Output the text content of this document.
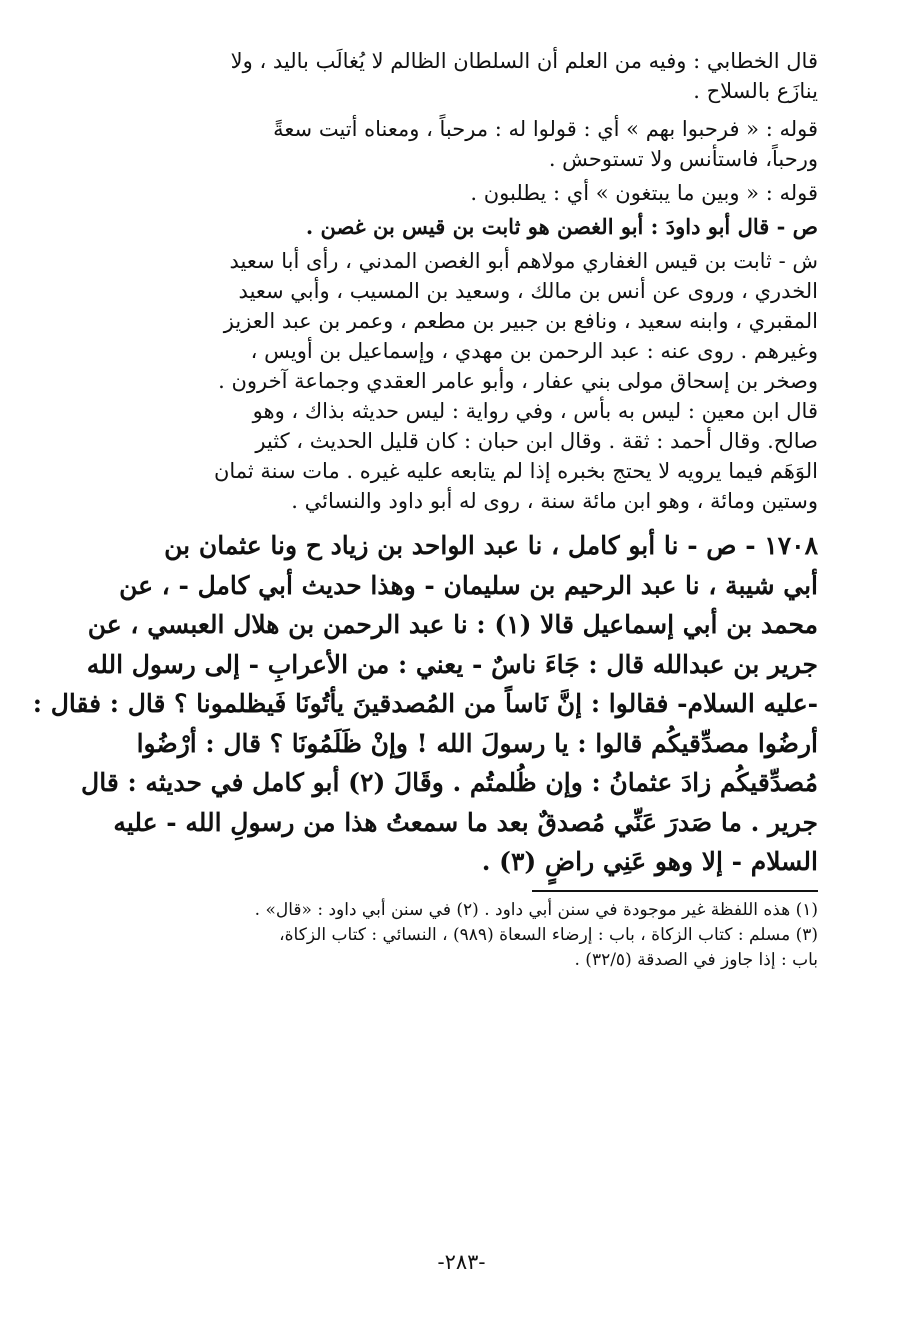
قال الخطابي : وفيه من العلم أن السلطان الظالم لا يُغالَب باليد ، ولا
ينازَع بالسلاح .
قوله : « فرحبوا بهم » أي : قولوا له : مرحباً ، ومعناه أتيت سعةً
ورحباً، فاستأنس ولا تستوحش .
قوله : « وبين ما يبتغون » أي : يطلبون .
ص - قال أبو داودَ : أبو الغصن هو ثابت بن قيس بن غصن .
ش - ثابت بن قيس الغفاري مولاهم أبو الغصن المدني ، رأى أبا سعيد
الخدري ، وروى عن أنس بن مالك ، وسعيد بن المسيب ، وأبي سعيد
المقبري ، وابنه سعيد ، ونافع بن جبير بن مطعم ، وعمر بن عبد العزيز
وغيرهم . روى عنه : عبد الرحمن بن مهدي ، وإسماعيل بن أويس ،
وصخر بن إسحاق مولى بني عفار ، وأبو عامر العقدي وجماعة آخرون .
قال ابن معين : ليس به بأس ، وفي رواية : ليس حديثه بذاك ، وهو
صالح. وقال أحمد : ثقة . وقال ابن حبان : كان قليل الحديث ، كثير
الوَهَم فيما يرويه لا يحتج بخبره إذا لم يتابعه عليه غيره . مات سنة ثمان
وستين ومائة ، وهو ابن مائة سنة ، روى له أبو داود والنسائي .
١٧٠٨ - ص - نا أبو كامل ، نا عبد الواحد بن زياد ح ونا عثمان بن
أبي شيبة ، نا عبد الرحيم بن سليمان - وهذا حديث أبي كامل - ، عن
محمد بن أبي إسماعيل قالا (١) : نا عبد الرحمن بن هلال العبسي ، عن
جرير بن عبدالله قال : جَاءَ ناسٌ - يعني : من الأعرابِ - إلى رسول الله
-عليه السلام- فقالوا : إنَّ نَاساً من المُصدقينَ يأتُونَا فَيظلمونا ؟ قال : فقال :
أرضُوا مصدِّقيكُم قالوا : يا رسولَ الله ! وإنْ ظَلَمُونَا ؟ قال : أرْضُوا
مُصدِّقيكُم زادَ عثمانُ : وإن ظُلمتُم . وقَالَ (٢) أبو كامل في حديثه : قال
جرير . ما صَدرَ عَنِّي مُصدقٌ بعد ما سمعتُ هذا من رسولِ الله - عليه
السلام - إلا وهو عَنِي راضٍ (٣) .
(١) هذه اللفظة غير موجودة في سنن أبي داود . (٢) في سنن أبي داود : «قال» .
(٣) مسلم : كتاب الزكاة ، باب : إرضاء السعاة (٩٨٩) ، النسائي : كتاب الزكاة،
باب : إذا جاوز في الصدقة (٣٢/٥) .
-٢٨٣-
